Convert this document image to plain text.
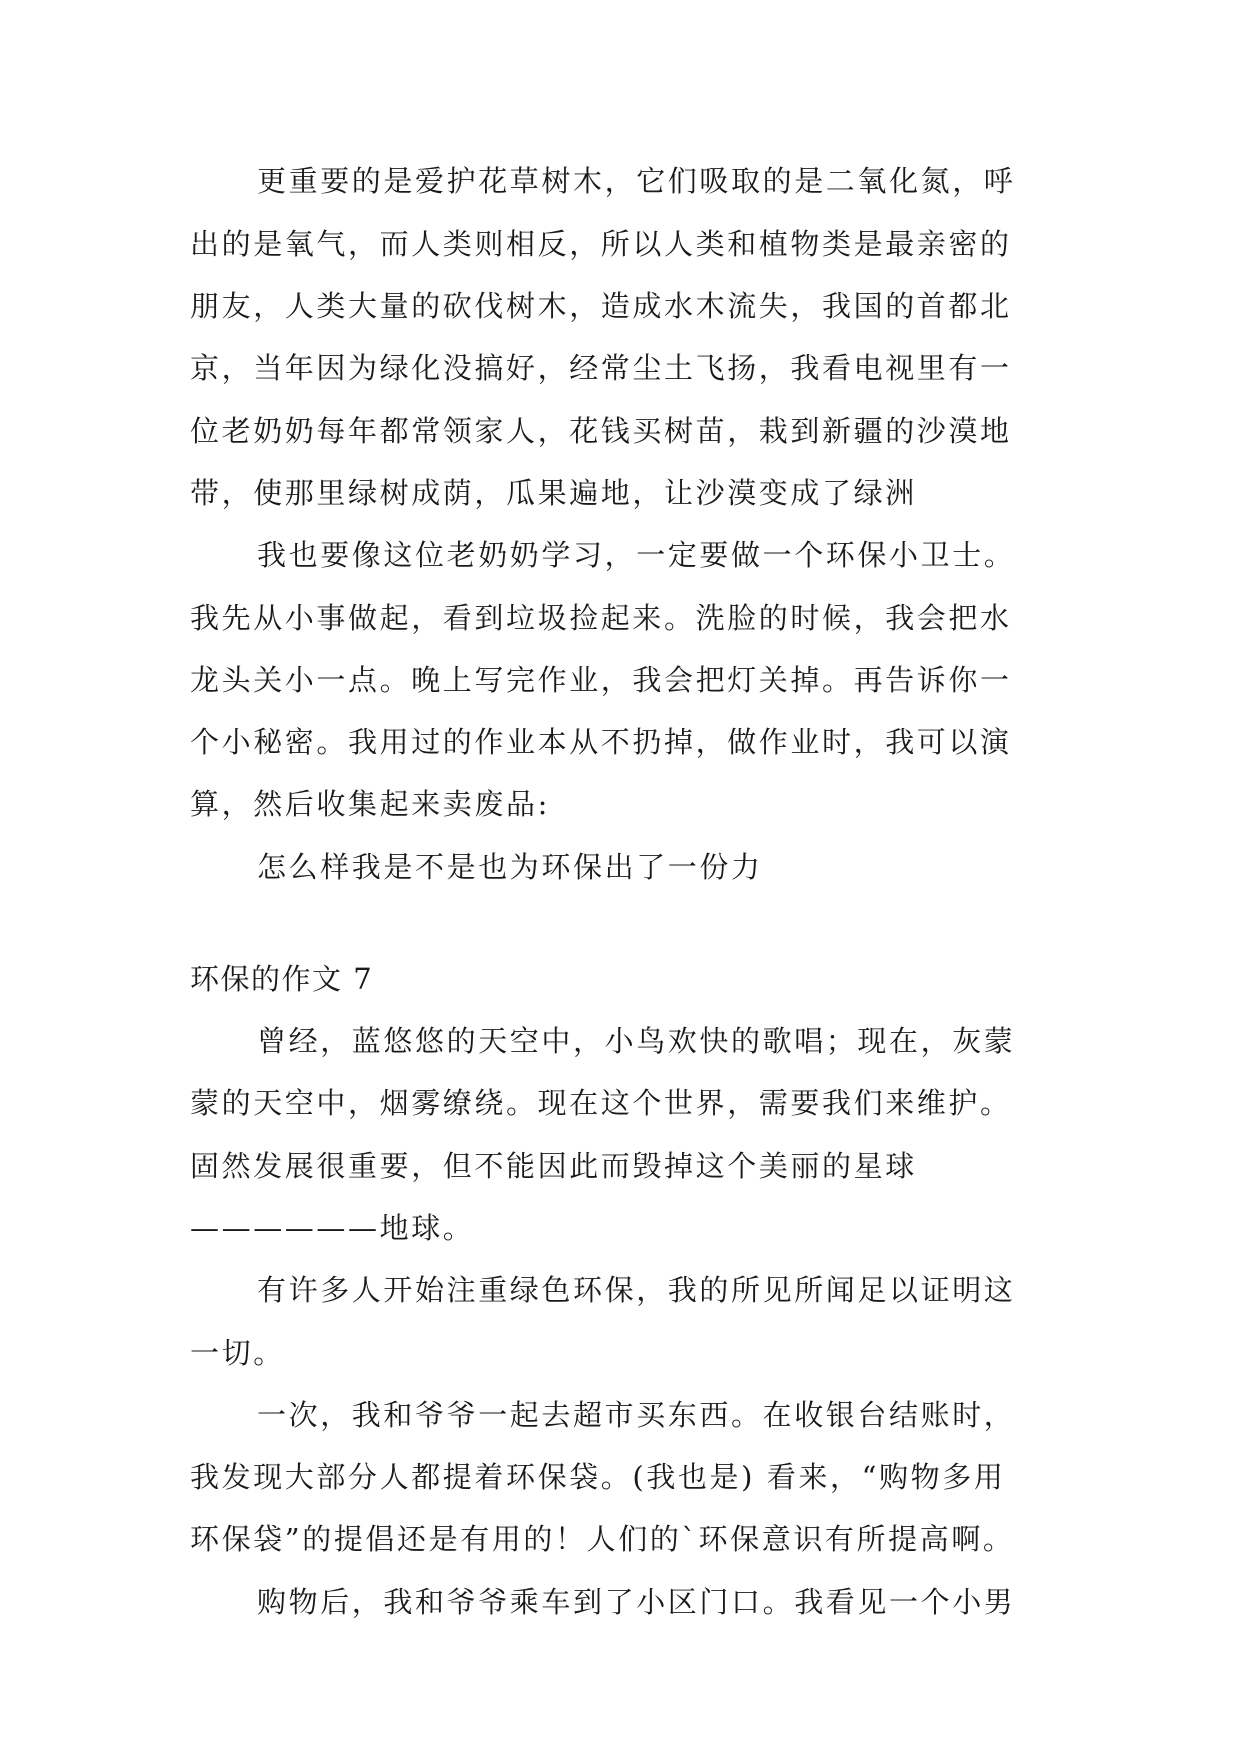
更重要的是爱护花草树木，它们吸取的是二氧化氮，呼
出的是氧气，而人类则相反，所以人类和植物类是最亲密的
朋友，人类大量的砍伐树木，造成水木流失，我国的首都北
京，当年因为绿化没搞好，经常尘土飞扬，我看电视里有一
位老奶奶每年都常领家人，花钱买树苗，栽到新疆的沙漠地
带，使那里绿树成荫，瓜果遍地，让沙漠变成了绿洲
我也要像这位老奶奶学习，一定要做一个环保小卫士。
我先从小事做起，看到垃圾捡起来。洗脸的时候，我会把水
龙头关小一点。晚上写完作业，我会把灯关掉。再告诉你一
个小秘密。我用过的作业本从不扔掉，做作业时，我可以演
算，然后收集起来卖废品:
怎么样我是不是也为环保出了一份力
环保的作文 7
曾经，蓝悠悠的天空中，小鸟欢快的歌唱；现在，灰蒙
蒙的天空中，烟雾缭绕。现在这个世界，需要我们来维护。
固然发展很重要，但不能因此而毁掉这个美丽的星球
——————地球。
有许多人开始注重绿色环保，我的所见所闻足以证明这
一切。
一次，我和爷爷一起去超市买东西。在收银台结账时，
我发现大部分人都提着环保袋。(我也是) 看来，“购物多用
环保袋”的提倡还是有用的！人们的`环保意识有所提高啊。
购物后，我和爷爷乘车到了小区门口。我看见一个小男
